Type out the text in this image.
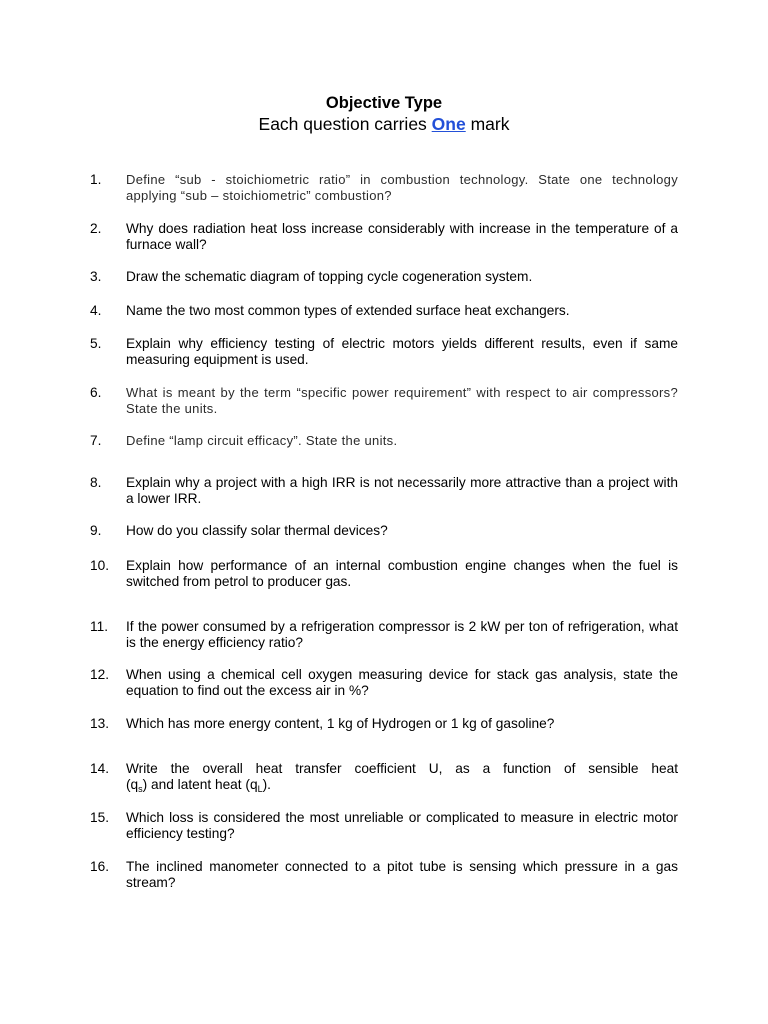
Objective Type
Each question carries One mark
1. Define “sub - stoichiometric ratio” in combustion technology. State one technology
applying “sub – stoichiometric” combustion?
2. Why does radiation heat loss increase considerably with increase in the temperature of a
furnace wall?
3. Draw the schematic diagram of topping cycle cogeneration system.
4. Name the two most common types of extended surface heat exchangers.
5. Explain why efficiency testing of electric motors yields different results, even if same
measuring equipment is used.
6. What is meant by the term “specific power requirement” with respect to air compressors?
State the units.
7. Define “lamp circuit efficacy”. State the units.
8. Explain why a project with a high IRR is not necessarily more attractive than a project with
a lower IRR.
9. How do you classify solar thermal devices?
10. Explain how performance of an internal combustion engine changes when the fuel is
switched from petrol to producer gas.
11. If the power consumed by a refrigeration compressor is 2 kW per ton of refrigeration, what
is the energy efficiency ratio?
12. When using a chemical cell oxygen measuring device for stack gas analysis, state the
equation to find out the excess air in %?
13. Which has more energy content, 1 kg of Hydrogen or 1 kg of gasoline?
14. Write the overall heat transfer coefficient U, as a function of sensible heat
$(q_s)$ and latent heat $(q_L)$.
15. Which loss is considered the most unreliable or complicated to measure in electric motor
efficiency testing?
16. The inclined manometer connected to a pitot tube is sensing which pressure in a gas
stream?
